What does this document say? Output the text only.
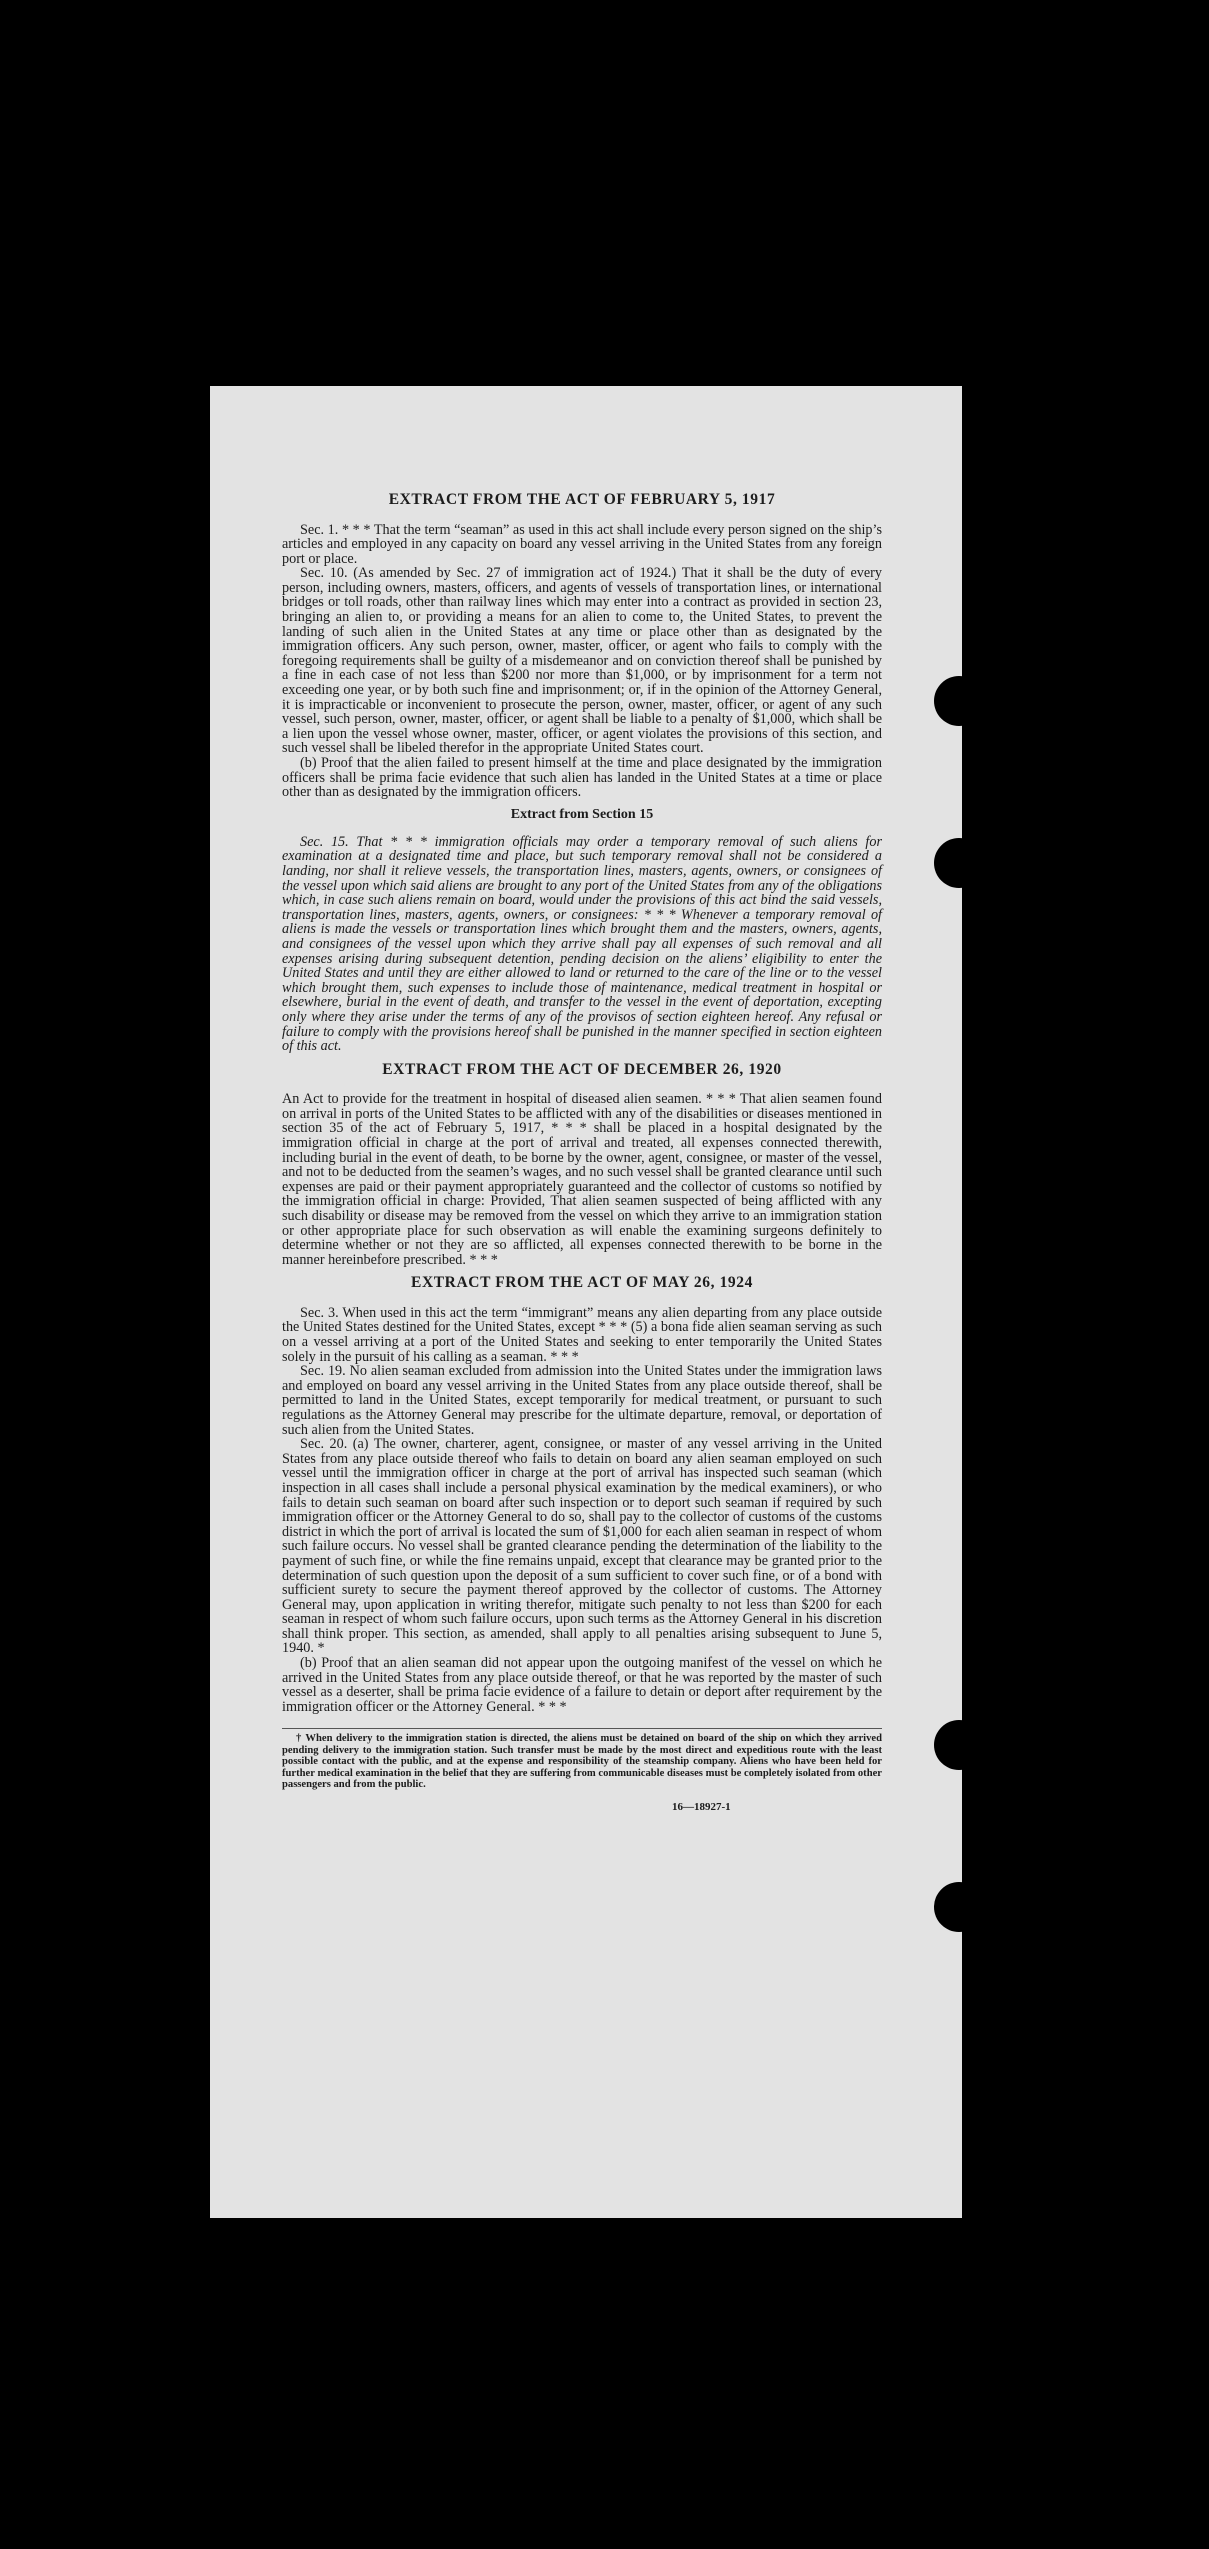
EXTRACT FROM THE ACT OF FEBRUARY 5, 1917

Sec. 1. * * * That the term “seaman” as used in this act shall include every person signed on the ship’s articles and employed in any capacity on board any vessel arriving in the United States from any foreign port or place.

Sec. 10. (As amended by Sec. 27 of immigration act of 1924.) That it shall be the duty of every person, including owners, masters, officers, and agents of vessels of transportation lines, or international bridges or toll roads, other than railway lines which may enter into a contract as provided in section 23, bringing an alien to, or providing a means for an alien to come to, the United States, to prevent the landing of such alien in the United States at any time or place other than as designated by the immigration officers. Any such person, owner, master, officer, or agent who fails to comply with the foregoing requirements shall be guilty of a misdemeanor and on conviction thereof shall be punished by a fine in each case of not less than $200 nor more than $1,000, or by imprisonment for a term not exceeding one year, or by both such fine and imprisonment; or, if in the opinion of the Attorney General, it is impracticable or inconvenient to prosecute the person, owner, master, officer, or agent of any such vessel, such person, owner, master, officer, or agent shall be liable to a penalty of $1,000, which shall be a lien upon the vessel whose owner, master, officer, or agent violates the provisions of this section, and such vessel shall be libeled therefor in the appropriate United States court.

(b) Proof that the alien failed to present himself at the time and place designated by the immigration officers shall be prima facie evidence that such alien has landed in the United States at a time or place other than as designated by the immigration officers.

Extract from Section 15

Sec. 15. That * * * immigration officials may order a temporary removal of such aliens for examination at a designated time and place, but such temporary removal shall not be considered a landing, nor shall it relieve vessels, the transportation lines, masters, agents, owners, or consignees of the vessel upon which said aliens are brought to any port of the United States from any of the obligations which, in case such aliens remain on board, would under the provisions of this act bind the said vessels, transportation lines, masters, agents, owners, or consignees: * * * Whenever a temporary removal of aliens is made the vessels or transportation lines which brought them and the masters, owners, agents, and consignees of the vessel upon which they arrive shall pay all expenses of such removal and all expenses arising during subsequent detention, pending decision on the aliens’ eligibility to enter the United States and until they are either allowed to land or returned to the care of the line or to the vessel which brought them, such expenses to include those of maintenance, medical treatment in hospital or elsewhere, burial in the event of death, and transfer to the vessel in the event of deportation, excepting only where they arise under the terms of any of the provisos of section eighteen hereof. Any refusal or failure to comply with the provisions hereof shall be punished in the manner specified in section eighteen of this act.

EXTRACT FROM THE ACT OF DECEMBER 26, 1920

An Act to provide for the treatment in hospital of diseased alien seamen. * * * That alien seamen found on arrival in ports of the United States to be afflicted with any of the disabilities or diseases mentioned in section 35 of the act of February 5, 1917, * * * shall be placed in a hospital designated by the immigration official in charge at the port of arrival and treated, all expenses connected therewith, including burial in the event of death, to be borne by the owner, agent, consignee, or master of the vessel, and not to be deducted from the seamen’s wages, and no such vessel shall be granted clearance until such expenses are paid or their payment appropriately guaranteed and the collector of customs so notified by the immigration official in charge: Provided, That alien seamen suspected of being afflicted with any such disability or disease may be removed from the vessel on which they arrive to an immigration station or other appropriate place for such observation as will enable the examining surgeons definitely to determine whether or not they are so afflicted, all expenses connected therewith to be borne in the manner hereinbefore prescribed. * * *

EXTRACT FROM THE ACT OF MAY 26, 1924

Sec. 3. When used in this act the term “immigrant” means any alien departing from any place outside the United States destined for the United States, except * * * (5) a bona fide alien seaman serving as such on a vessel arriving at a port of the United States and seeking to enter temporarily the United States solely in the pursuit of his calling as a seaman. * * *

Sec. 19. No alien seaman excluded from admission into the United States under the immigration laws and employed on board any vessel arriving in the United States from any place outside thereof, shall be permitted to land in the United States, except temporarily for medical treatment, or pursuant to such regulations as the Attorney General may prescribe for the ultimate departure, removal, or deportation of such alien from the United States.

Sec. 20. (a) The owner, charterer, agent, consignee, or master of any vessel arriving in the United States from any place outside thereof who fails to detain on board any alien seaman employed on such vessel until the immigration officer in charge at the port of arrival has inspected such seaman (which inspection in all cases shall include a personal physical examination by the medical examiners), or who fails to detain such seaman on board after such inspection or to deport such seaman if required by such immigration officer or the Attorney General to do so, shall pay to the collector of customs of the customs district in which the port of arrival is located the sum of $1,000 for each alien seaman in respect of whom such failure occurs. No vessel shall be granted clearance pending the determination of the liability to the payment of such fine, or while the fine remains unpaid, except that clearance may be granted prior to the determination of such question upon the deposit of a sum sufficient to cover such fine, or of a bond with sufficient surety to secure the payment thereof approved by the collector of customs. The Attorney General may, upon application in writing therefor, mitigate such penalty to not less than $200 for each seaman in respect of whom such failure occurs, upon such terms as the Attorney General in his discretion shall think proper. This section, as amended, shall apply to all penalties arising subsequent to June 5, 1940. *

(b) Proof that an alien seaman did not appear upon the outgoing manifest of the vessel on which he arrived in the United States from any place outside thereof, or that he was reported by the master of such vessel as a deserter, shall be prima facie evidence of a failure to detain or deport after requirement by the immigration officer or the Attorney General. * * *

† When delivery to the immigration station is directed, the aliens must be detained on board of the ship on which they arrived pending delivery to the immigration station. Such transfer must be made by the most direct and expeditious route with the least possible contact with the public, and at the expense and responsibility of the steamship company. Aliens who have been held for further medical examination in the belief that they are suffering from communicable diseases must be completely isolated from other passengers and from the public.

16—18927-1
